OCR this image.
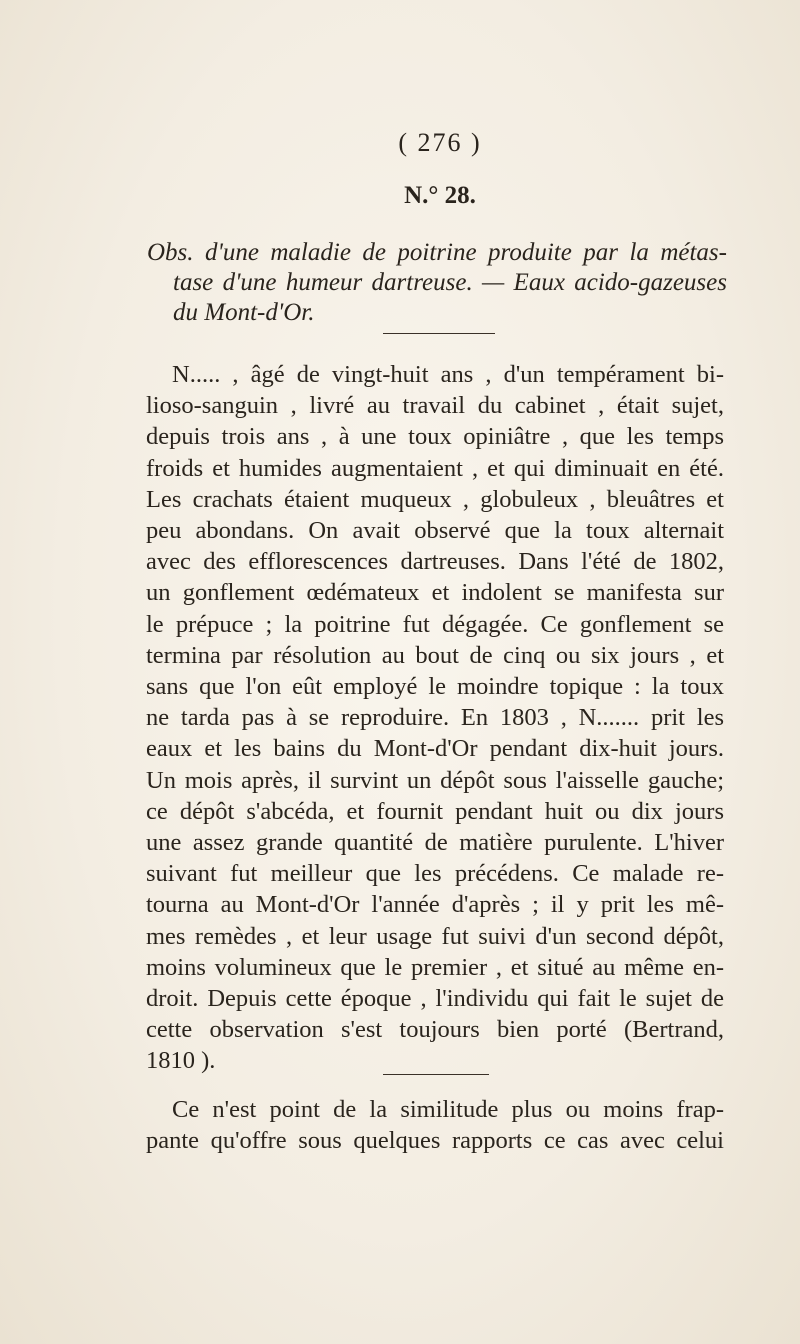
( 276 )
N.° 28.
Obs. d'une maladie de poitrine produite par la métas-
tase d'une humeur dartreuse. — Eaux acido-gazeuses
du Mont-d'Or.
N..... , âgé de vingt-huit ans , d'un tempérament bi-
lioso-sanguin , livré au travail du cabinet , était sujet,
depuis trois ans , à une toux opiniâtre , que les temps
froids et humides augmentaient , et qui diminuait en été.
Les crachats étaient muqueux , globuleux , bleuâtres et
peu abondans. On avait observé que la toux alternait
avec des efflorescences dartreuses. Dans l'été de 1802,
un gonflement œdémateux et indolent se manifesta sur
le prépuce ; la poitrine fut dégagée. Ce gonflement se
termina par résolution au bout de cinq ou six jours , et
sans que l'on eût employé le moindre topique : la toux
ne tarda pas à se reproduire. En 1803 , N....... prit les
eaux et les bains du Mont-d'Or pendant dix-huit jours.
Un mois après, il survint un dépôt sous l'aisselle gauche;
ce dépôt s'abcéda, et fournit pendant huit ou dix jours
une assez grande quantité de matière purulente. L'hiver
suivant fut meilleur que les précédens. Ce malade re-
tourna au Mont-d'Or l'année d'après ; il y prit les mê-
mes remèdes , et leur usage fut suivi d'un second dépôt,
moins volumineux que le premier , et situé au même en-
droit. Depuis cette époque , l'individu qui fait le sujet de
cette observation s'est toujours bien porté (Bertrand,
1810 ).
Ce n'est point de la similitude plus ou moins frap-
pante qu'offre sous quelques rapports ce cas avec celui
